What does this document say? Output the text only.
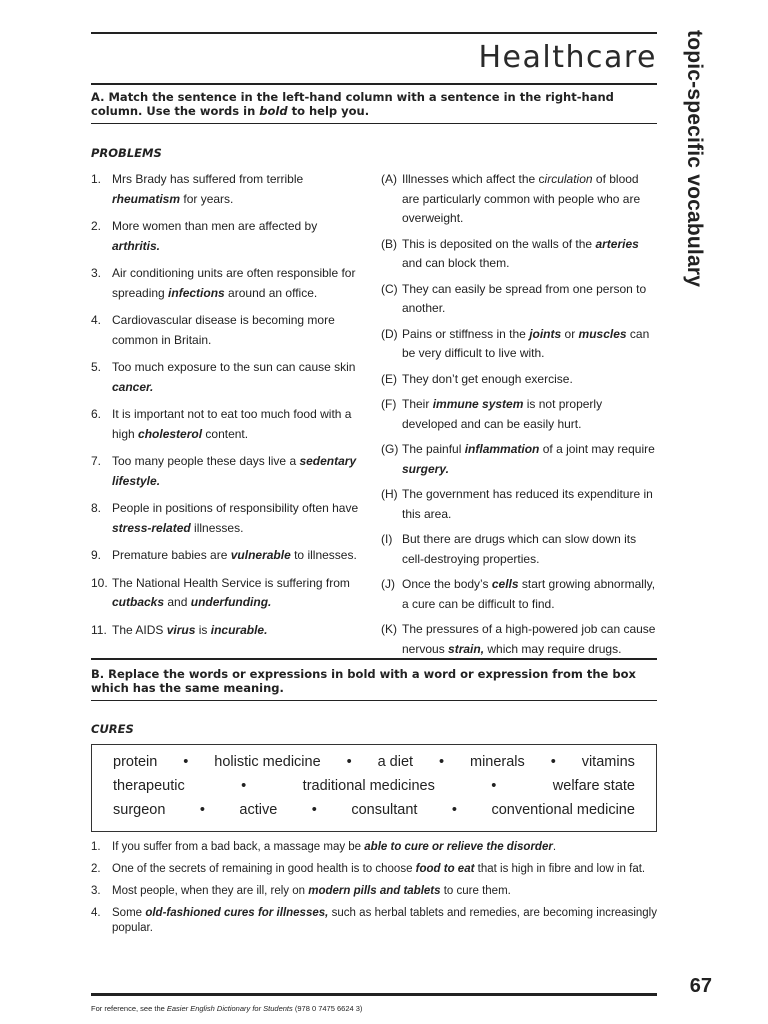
Healthcare topic-specific vocabulary
A. Match the sentence in the left-hand column with a sentence in the right-hand column. Use the words in bold to help you.
PROBLEMS
1. Mrs Brady has suffered from terrible rheumatism for years.
2. More women than men are affected by arthritis.
3. Air conditioning units are often responsible for spreading infections around an office.
4. Cardiovascular disease is becoming more common in Britain.
5. Too much exposure to the sun can cause skin cancer.
6. It is important not to eat too much food with a high cholesterol content.
7. Too many people these days live a sedentary lifestyle.
8. People in positions of responsibility often have stress-related illnesses.
9. Premature babies are vulnerable to illnesses.
10. The National Health Service is suffering from cutbacks and underfunding.
11. The AIDS virus is incurable.
(A) Illnesses which affect the circulation of blood are particularly common with people who are overweight.
(B) This is deposited on the walls of the arteries and can block them.
(C) They can easily be spread from one person to another.
(D) Pains or stiffness in the joints or muscles can be very difficult to live with.
(E) They don’t get enough exercise.
(F) Their immune system is not properly developed and can be easily hurt.
(G) The painful inflammation of a joint may require surgery.
(H) The government has reduced its expenditure in this area.
(I) But there are drugs which can slow down its cell-destroying properties.
(J) Once the body’s cells start growing abnormally, a cure can be difficult to find.
(K) The pressures of a high-powered job can cause nervous strain, which may require drugs.
B. Replace the words or expressions in bold with a word or expression from the box which has the same meaning.
CURES
protein • holistic medicine • a diet • minerals • vitamins
therapeutic	•	traditional medicines	•	welfare state
surgeon • active • consultant • conventional medicine
1. If you suffer from a bad back, a massage may be able to cure or relieve the disorder.
2. One of the secrets of remaining in good health is to choose food to eat that is high in fibre and low in fat.
3. Most people, when they are ill, rely on modern pills and tablets to cure them.
4. Some old-fashioned cures for illnesses, such as herbal tablets and remedies, are becoming increasingly popular.
67
For reference, see the Easier English Dictionary for Students (978 0 7475 6624 3)
